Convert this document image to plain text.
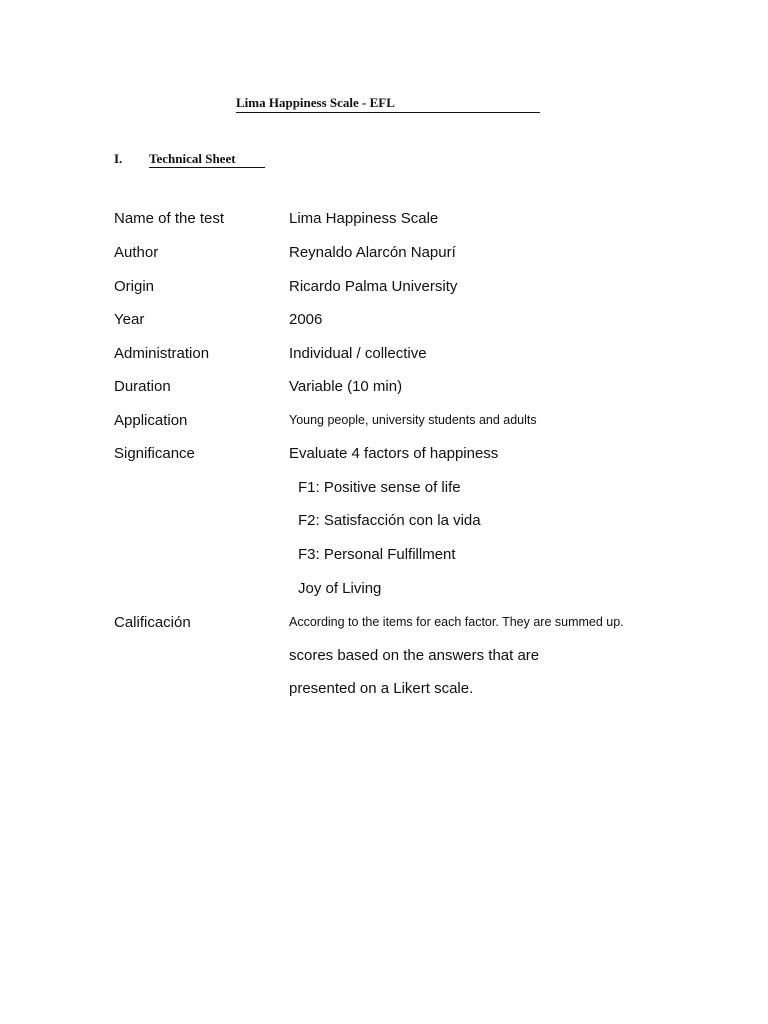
Lima Happiness Scale - EFL
I. Technical Sheet
Name of the test	Lima Happiness Scale
Author	Reynaldo Alarcón Napurí
Origin	Ricardo Palma University
Year	2006
Administration	Individual / collective
Duration	Variable (10 min)
Application	Young people, university students and adults
Significance	Evaluate 4 factors of happiness
F1: Positive sense of life
F2: Satisfacción con la vida
F3: Personal Fulfillment
Joy of Living
Calificación	According to the items for each factor. They are summed up.
scores based on the answers that are
presented on a Likert scale.
